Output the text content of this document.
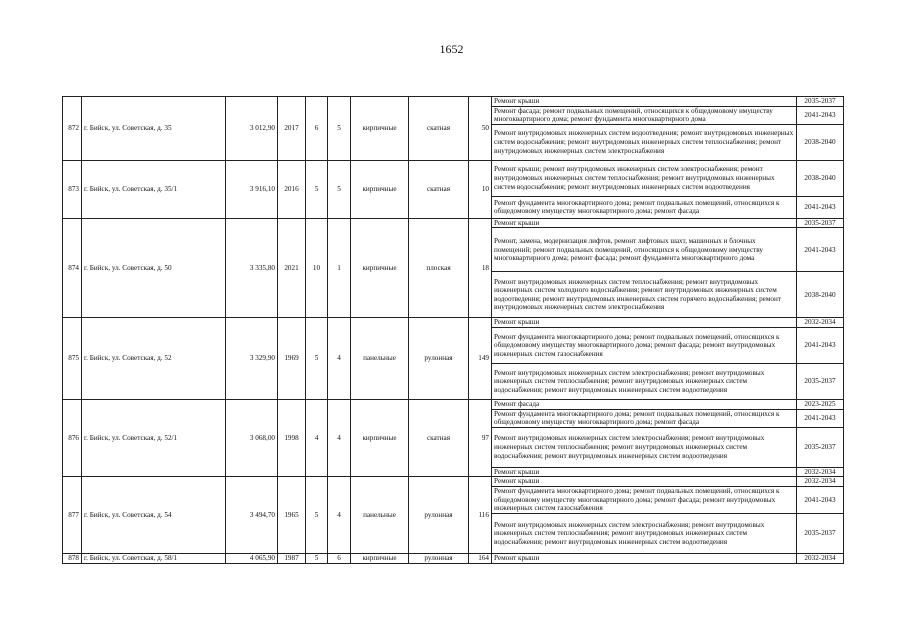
1652
872	г. Бийск, ул. Советская, д. 35	3 012,90	2017	6	5	кирпичные	скатная	50	Ремонт крыши	2035-2037
									Ремонт фасада; ремонт подвальных помещений, относящихся к общедомовому имуществу многоквартирного дома; ремонт фундамента многоквартирного дома	2041-2043
									Ремонт внутридомовых инженерных систем водоотведения; ремонт внутридомовых инженерных систем водоснабжения; ремонт внутридомовых инженерных систем теплоснабжения; ремонт внутридомовых инженерных систем электроснабжения	2038-2040
873	г. Бийск, ул. Советская, д. 35/1	3 916,10	2016	5	5	кирпичные	скатная	10	Ремонт крыши; ремонт внутридомовых инженерных систем электроснабжения; ремонт внутридомовых инженерных систем теплоснабжения; ремонт внутридомовых инженерных систем водоснабжения; ремонт внутридомовых инженерных систем водоотведения	2038-2040
									Ремонт фундамента многоквартирного дома; ремонт подвальных помещений, относящихся к общедомовому имуществу многоквартирного дома; ремонт фасада	2041-2043
874	г. Бийск, ул. Советская, д. 50	3 335,80	2021	10	1	кирпичные	плоская	18	Ремонт крыши	2035-2037
									Ремонт, замена, модернизация лифтов, ремонт лифтовых шахт, машинных и блочных помещений; ремонт подвальных помещений, относящихся к общедомовому имуществу многоквартирного дома; ремонт фасада; ремонт фундамента многоквартирного дома	2041-2043
									Ремонт внутридомовых инженерных систем теплоснабжения; ремонт внутридомовых инженерных систем холодного водоснабжения; ремонт внутридомовых инженерных систем водоотведения; ремонт внутридомовых инженерных систем горячего водоснабжения; ремонт внутридомовых инженерных систем электроснабжения	2038-2040
875	г. Бийск, ул. Советская, д. 52	3 329,90	1969	5	4	панельные	рулонная	149	Ремонт крыши	2032-2034
									Ремонт фундамента многоквартирного дома; ремонт подвальных помещений, относящихся к общедомовому имуществу многоквартирного дома; ремонт фасада; ремонт внутридомовых инженерных систем газоснабжения	2041-2043
									Ремонт внутридомовых инженерных систем электроснабжения; ремонт внутридомовых инженерных систем теплоснабжения; ремонт внутридомовых инженерных систем водоснабжения; ремонт внутридомовых инженерных систем водоотведения	2035-2037
876	г. Бийск, ул. Советская, д. 52/1	3 068,00	1998	4	4	кирпичные	скатная	97	Ремонт фасада	2023-2025
									Ремонт фундамента многоквартирного дома; ремонт подвальных помещений, относящихся к общедомовому имуществу многоквартирного дома; ремонт фасада	2041-2043
									Ремонт внутридомовых инженерных систем электроснабжения; ремонт внутридомовых инженерных систем теплоснабжения; ремонт внутридомовых инженерных систем водоснабжения; ремонт внутридомовых инженерных систем водоотведения	2035-2037
									Ремонт крыши	2032-2034
877	г. Бийск, ул. Советская, д. 54	3 494,70	1965	5	4	панельные	рулонная	116	Ремонт крыши	2032-2034
									Ремонт фундамента многоквартирного дома; ремонт подвальных помещений, относящихся к общедомовому имуществу многоквартирного дома; ремонт фасада; ремонт внутридомовых инженерных систем газоснабжения	2041-2043
									Ремонт внутридомовых инженерных систем электроснабжения; ремонт внутридомовых инженерных систем теплоснабжения; ремонт внутридомовых инженерных систем водоснабжения; ремонт внутридомовых инженерных систем водоотведения	2035-2037
878	г. Бийск, ул. Советская, д. 58/1	4 065,90	1987	5	6	кирпичные	рулонная	164	Ремонт крыши	2032-2034
